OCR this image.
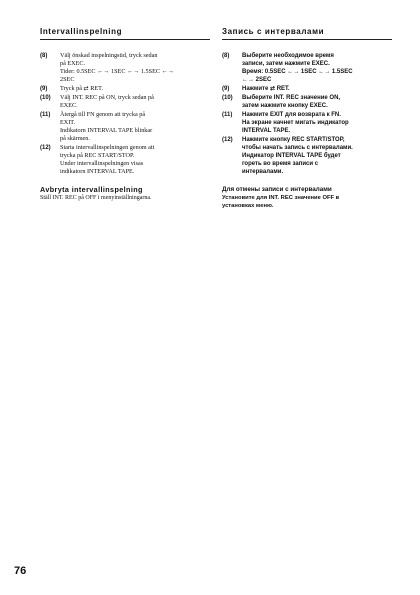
Intervallinspelning
(8)	Välj önskad inspelningstid, tryck sedan
på EXEC.
Tider: 0.5SEC ←→ 1SEC ←→ 1.5SEC ←→
2SEC
(9)	Tryck på ⇄ RET.
(10)	Välj INT. REC på ON, tryck sedan på
EXEC.
(11)	Återgå till FN genom att trycka på
EXIT.
Indikatorn INTERVAL TAPE blinkar
på skärmen.
(12)	Starta intervallinspelningen genom att
trycka på REC START/STOP.
Under intervallinspelningen visas
indikatorn INTERVAL TAPE.
Avbryta intervallinspelning
Ställ INT. REC på OFF i menyinställningarna.
Запись с интервалами
(8)	Выберите необходимое время
записи, затем нажмите EXEC.
Время: 0.5SEC ←→ 1SEC ←→ 1.5SEC
←→ 2SEC
(9)	Нажмите ⇄ RET.
(10)	Выберите INT. REC значение ON,
затем нажмите кнопку EXEC.
(11)	Нажмите EXIT для возврата к FN.
На экране начнет мигать индикатор
INTERVAL TAPE.
(12)	Нажмите кнопку REC START/STOP,
чтобы начать запись с интервалами.
Индикатор INTERVAL TAPE будет
гореть во время записи с
интервалами.
Для отмены записи с интервалами
Установите для INT. REC значение OFF в
установках меню.
76
